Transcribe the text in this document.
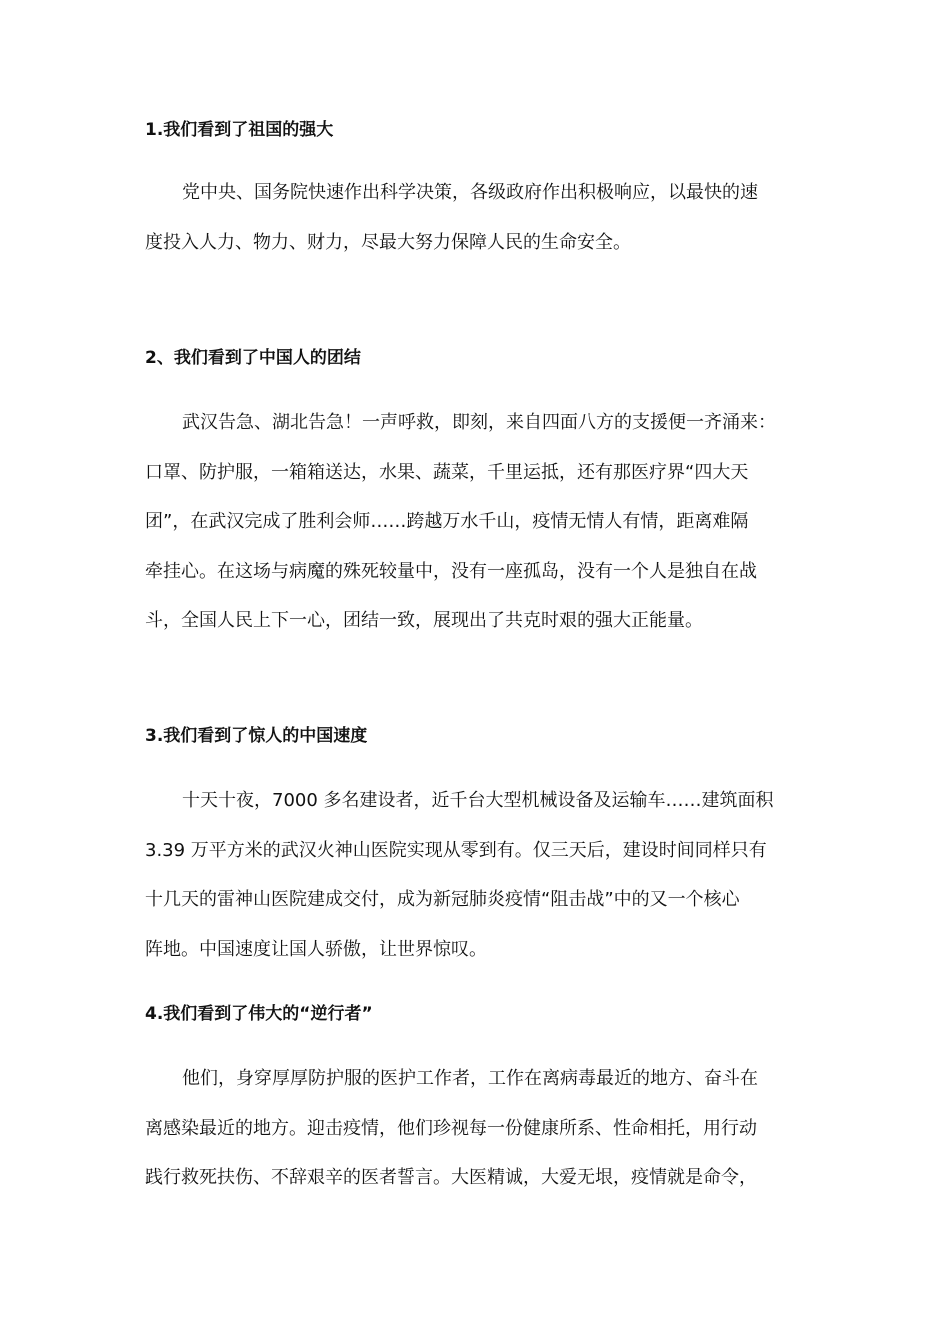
1.我们看到了祖国的强大
党中央、国务院快速作出科学决策，各级政府作出积极响应，以最快的速
度投入人力、物力、财力，尽最大努力保障人民的生命安全。
2、我们看到了中国人的团结
武汉告急、湖北告急！一声呼救，即刻，来自四面八方的支援便一齐涌来：
口罩、防护服，一箱箱送达，水果、蔬菜，千里运抵，还有那医疗界“四大天
团”，在武汉完成了胜利会师……跨越万水千山，疫情无情人有情，距离难隔
牵挂心。在这场与病魔的殊死较量中，没有一座孤岛，没有一个人是独自在战
斗，全国人民上下一心，团结一致，展现出了共克时艰的强大正能量。
3.我们看到了惊人的中国速度
十天十夜，7000 多名建设者，近千台大型机械设备及运输车……建筑面积
3.39 万平方米的武汉火神山医院实现从零到有。仅三天后，建设时间同样只有
十几天的雷神山医院建成交付，成为新冠肺炎疫情“阻击战”中的又一个核心
阵地。中国速度让国人骄傲，让世界惊叹。
4.我们看到了伟大的“逆行者”
他们，身穿厚厚防护服的医护工作者，工作在离病毒最近的地方、奋斗在
离感染最近的地方。迎击疫情，他们珍视每一份健康所系、性命相托，用行动
践行救死扶伤、不辞艰辛的医者誓言。大医精诚，大爱无垠，疫情就是命令，
